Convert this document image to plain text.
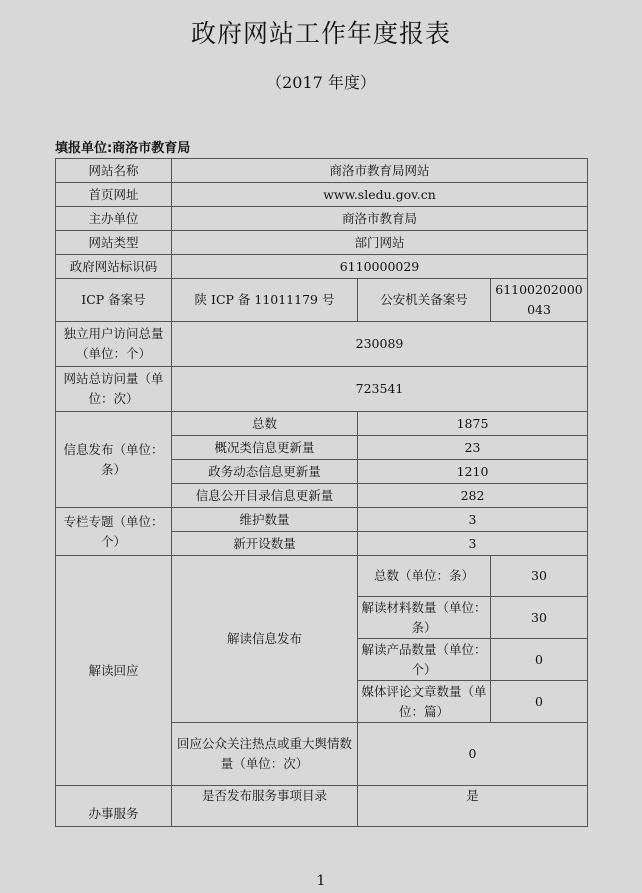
政府网站工作年度报表
（2017 年度）
填报单位:商洛市教育局
网站名称	商洛市教育局网站		
首页网址	www.sledu.gov.cn		
主办单位	商洛市教育局		
网站类型	部门网站		
政府网站标识码	6110000029		
ICP 备案号	陕 ICP 备 11011179 号	公安机关备案号	61100202000043
独立用户访问总量（单位：个）	230089		
网站总访问量（单位：次）	723541		
信息发布（单位：条）	总数	1875	
	概况类信息更新量	23	
	政务动态信息更新量	1210	
	信息公开目录信息更新量	282	
专栏专题（单位：个）	维护数量	3	
	新开设数量	3	
解读回应	解读信息发布	总数（单位：条）	30
		解读材料数量（单位：条）	30
		解读产品数量（单位：个）	0
		媒体评论文章数量（单位：篇）	0
	回应公众关注热点或重大舆情数量（单位：次）	0	
办事服务	是否发布服务事项目录	是	
1
